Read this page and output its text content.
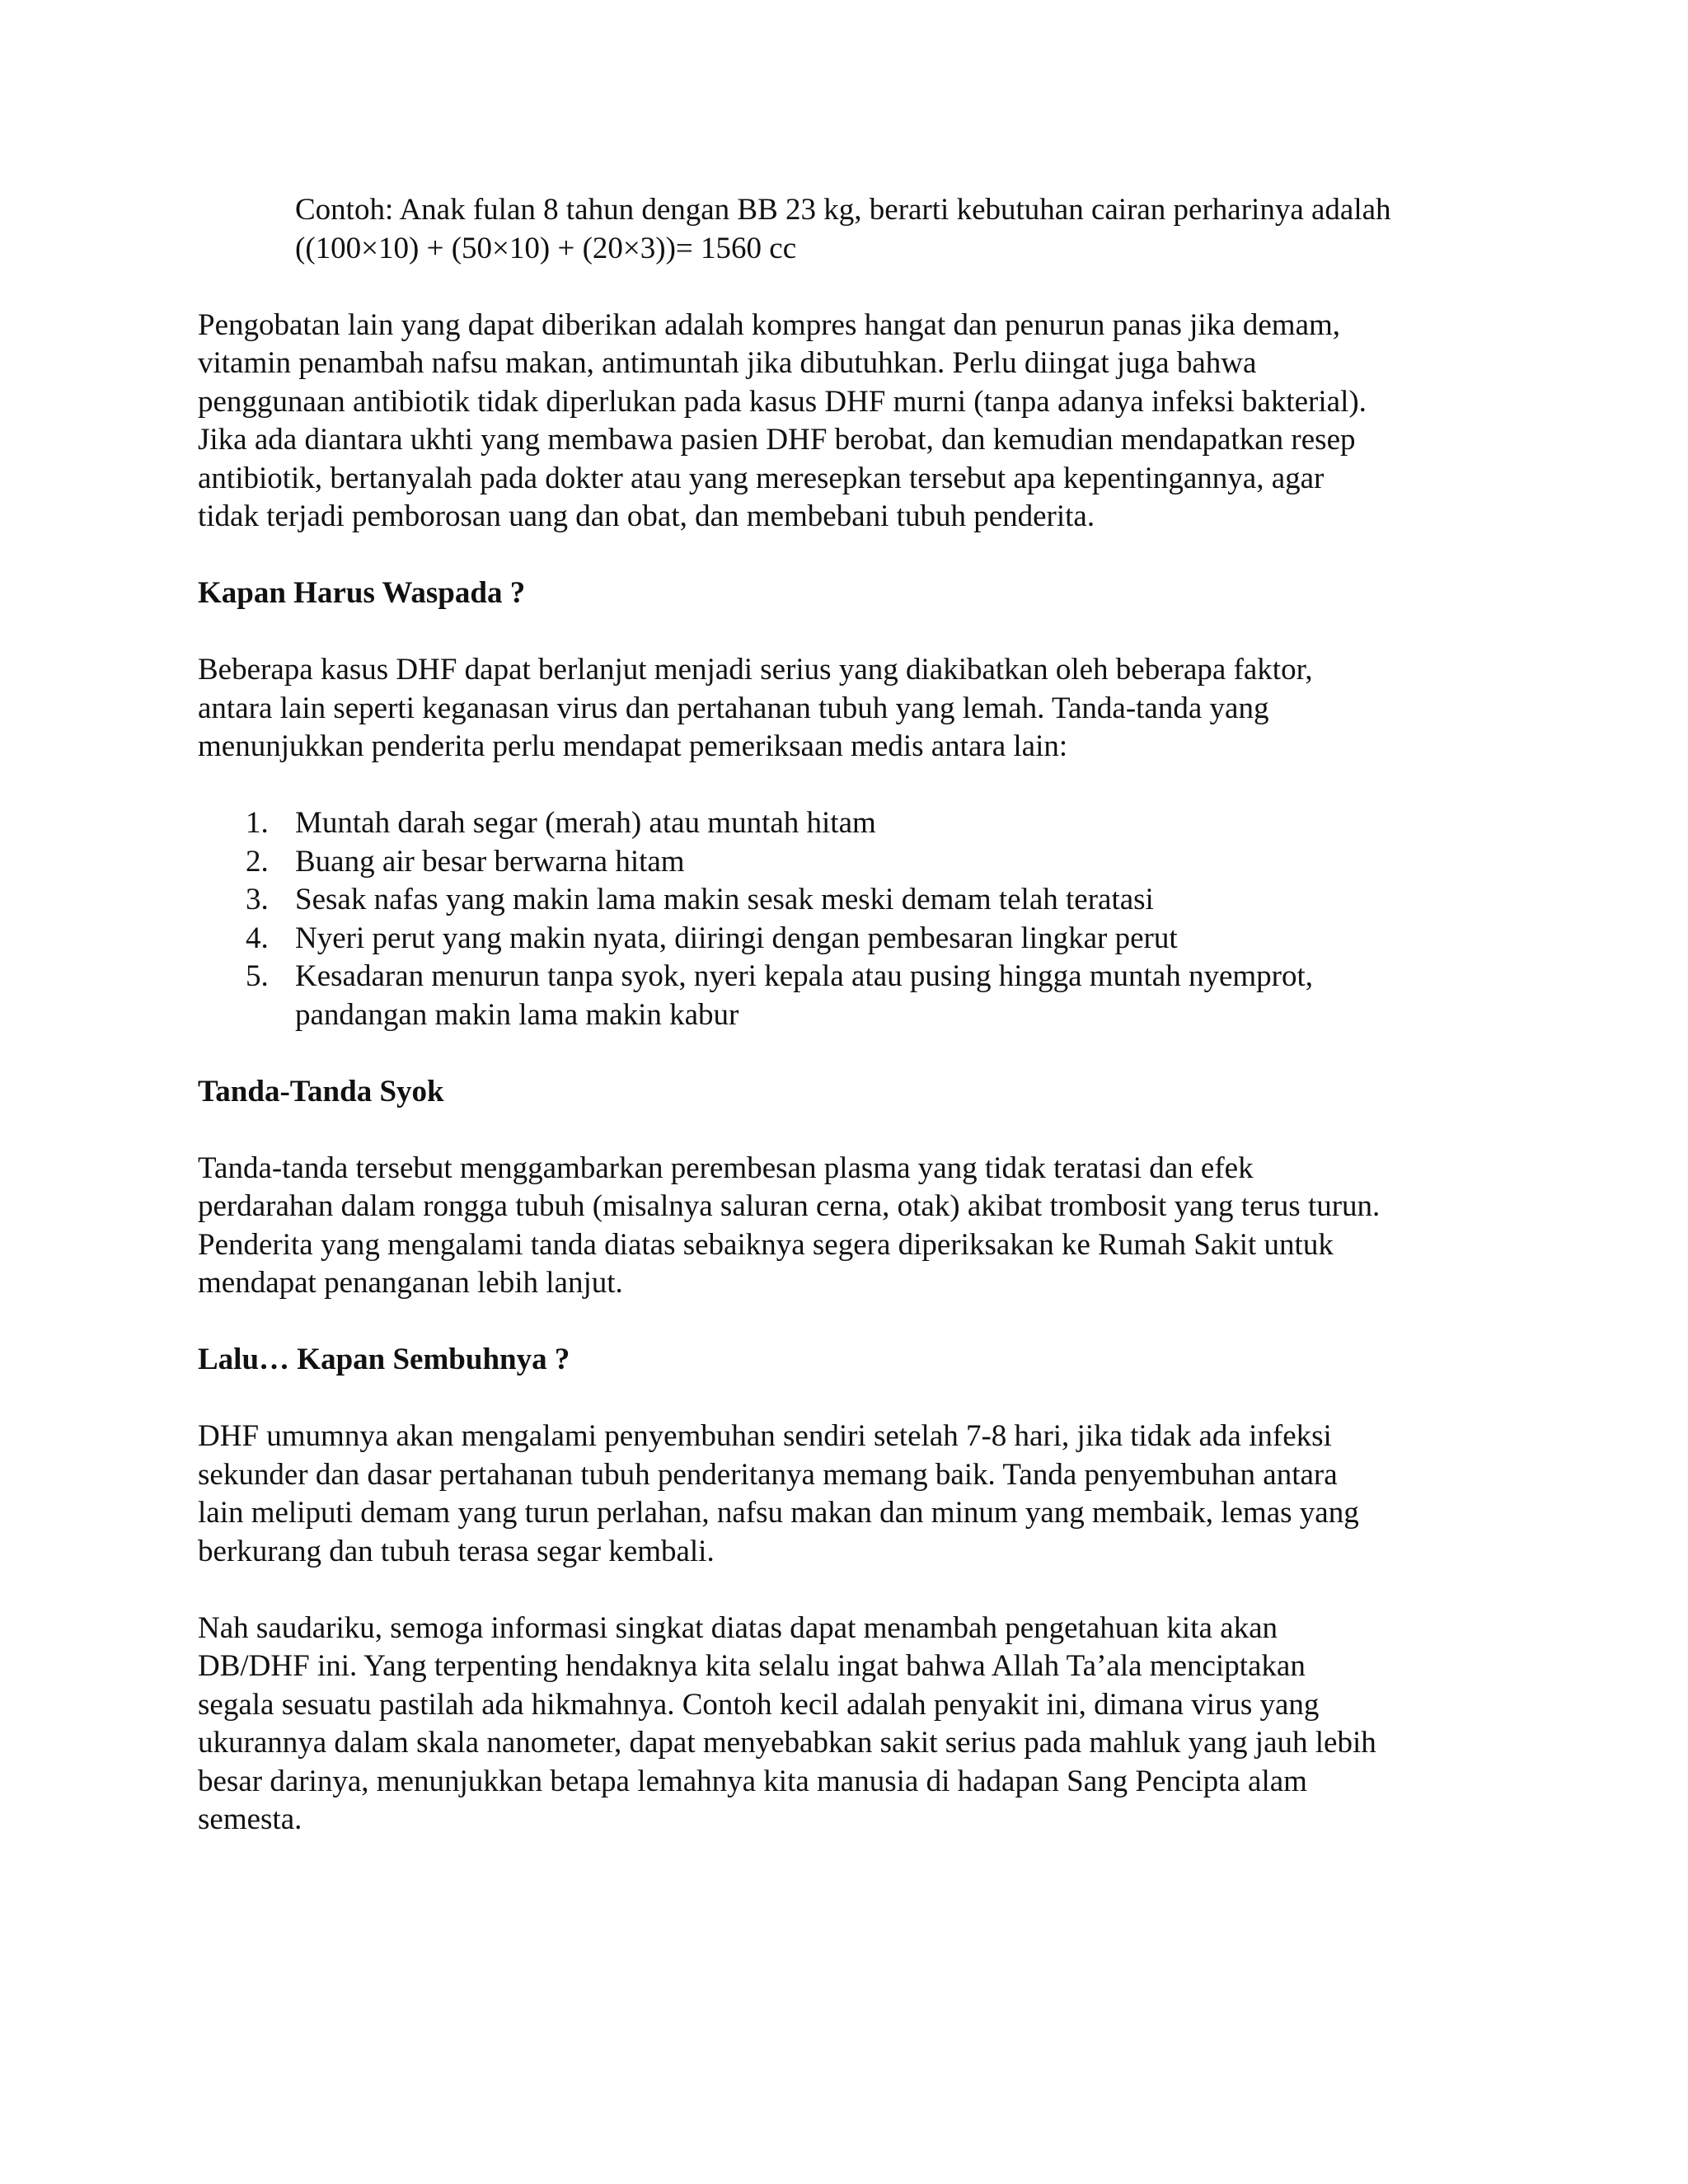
Contoh: Anak fulan 8 tahun dengan BB 23 kg, berarti kebutuhan cairan perharinya adalah
((100×10) + (50×10) + (20×3))= 1560 cc
Pengobatan lain yang dapat diberikan adalah kompres hangat dan penurun panas jika demam,
vitamin penambah nafsu makan, antimuntah jika dibutuhkan. Perlu diingat juga bahwa
penggunaan antibiotik tidak diperlukan pada kasus DHF murni (tanpa adanya infeksi bakterial).
Jika ada diantara ukhti yang membawa pasien DHF berobat, dan kemudian mendapatkan resep
antibiotik, bertanyalah pada dokter atau yang meresepkan tersebut apa kepentingannya, agar
tidak terjadi pemborosan uang dan obat, dan membebani tubuh penderita.
Kapan Harus Waspada ?
Beberapa kasus DHF dapat berlanjut menjadi serius yang diakibatkan oleh beberapa faktor,
antara lain seperti keganasan virus dan pertahanan tubuh yang lemah. Tanda-tanda yang
menunjukkan penderita perlu mendapat pemeriksaan medis antara lain:
1. Muntah darah segar (merah) atau muntah hitam
2. Buang air besar berwarna hitam
3. Sesak nafas yang makin lama makin sesak meski demam telah teratasi
4. Nyeri perut yang makin nyata, diiringi dengan pembesaran lingkar perut
5. Kesadaran menurun tanpa syok, nyeri kepala atau pusing hingga muntah nyemprot,
pandangan makin lama makin kabur
Tanda-Tanda Syok
Tanda-tanda tersebut menggambarkan perembesan plasma yang tidak teratasi dan efek
perdarahan dalam rongga tubuh (misalnya saluran cerna, otak) akibat trombosit yang terus turun.
Penderita yang mengalami tanda diatas sebaiknya segera diperiksakan ke Rumah Sakit untuk
mendapat penanganan lebih lanjut.
Lalu… Kapan Sembuhnya ?
DHF umumnya akan mengalami penyembuhan sendiri setelah 7-8 hari, jika tidak ada infeksi
sekunder dan dasar pertahanan tubuh penderitanya memang baik. Tanda penyembuhan antara
lain meliputi demam yang turun perlahan, nafsu makan dan minum yang membaik, lemas yang
berkurang dan tubuh terasa segar kembali.
Nah saudariku, semoga informasi singkat diatas dapat menambah pengetahuan kita akan
DB/DHF ini. Yang terpenting hendaknya kita selalu ingat bahwa Allah Ta’ala menciptakan
segala sesuatu pastilah ada hikmahnya. Contoh kecil adalah penyakit ini, dimana virus yang
ukurannya dalam skala nanometer, dapat menyebabkan sakit serius pada mahluk yang jauh lebih
besar darinya, menunjukkan betapa lemahnya kita manusia di hadapan Sang Pencipta alam
semesta.
